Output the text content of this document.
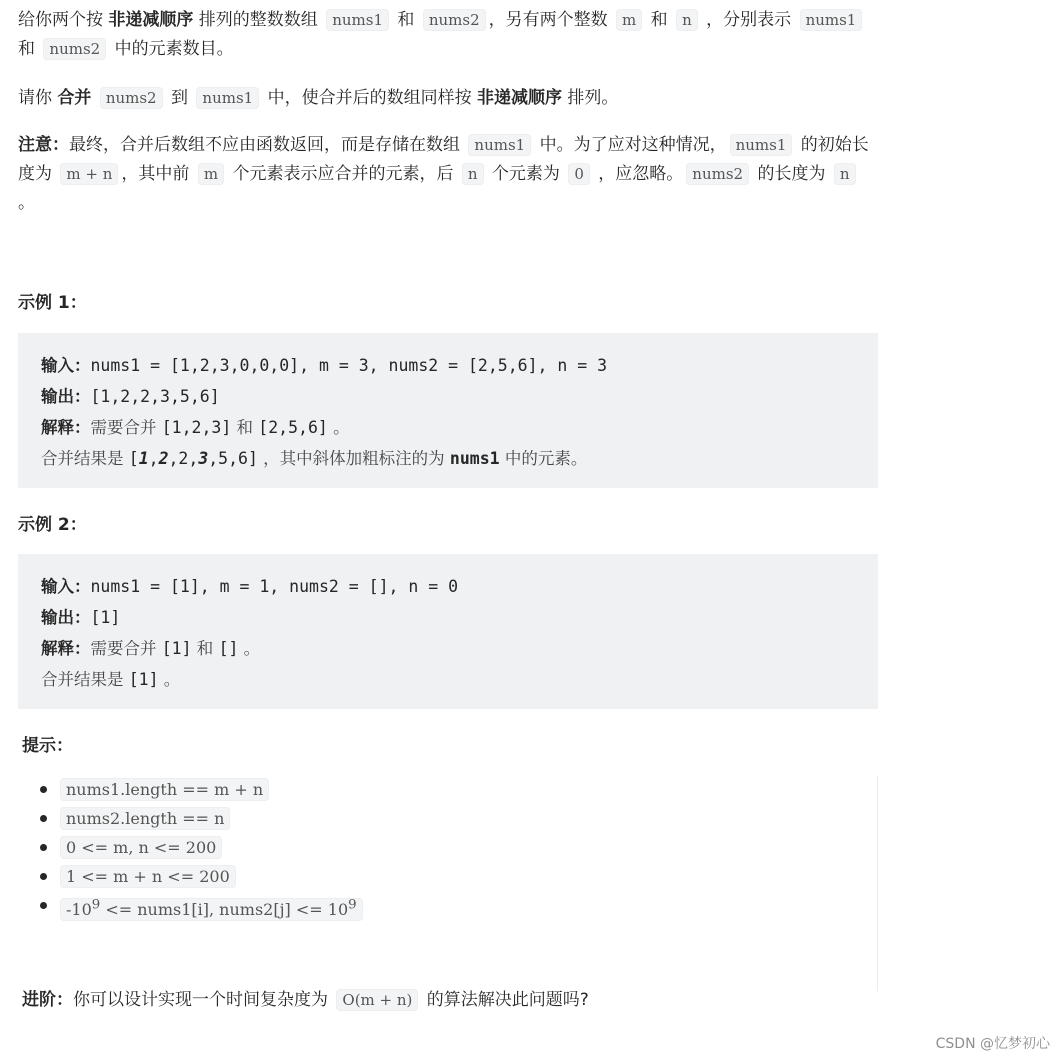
给你两个按 非递减顺序 排列的整数数组 nums1 和 nums2 ，另有两个整数 m 和 n ，分别表示 nums1 和 nums2 中的元素数目。

请你 合并 nums2 到 nums1 中，使合并后的数组同样按 非递减顺序 排列。

注意：最终，合并后数组不应由函数返回，而是存储在数组 nums1 中。为了应对这种情况， nums1 的初始长度为 m + n ，其中前 m 个元素表示应合并的元素，后 n 个元素为 0 ，应忽略。 nums2 的长度为 n 。

示例 1：
输入：nums1 = [1,2,3,0,0,0], m = 3, nums2 = [2,5,6], n = 3
输出：[1,2,2,3,5,6]
解释：需要合并 [1,2,3] 和 [2,5,6] 。
合并结果是 [1,2,2,3,5,6] ，其中斜体加粗标注的为 nums1 中的元素。
示例 2：
输入：nums1 = [1], m = 1, nums2 = [], n = 0
输出：[1]
解释：需要合并 [1] 和 [] 。
合并结果是 [1] 。
提示：
nums1.length == m + n
nums2.length == n
0 <= m, n <= 200
1 <= m + n <= 200
$-10^9$ <= nums1[i], nums2[j] <= $10^9$

进阶：你可以设计实现一个时间复杂度为 O(m + n) 的算法解决此问题吗?

CSDN @忆梦初心
